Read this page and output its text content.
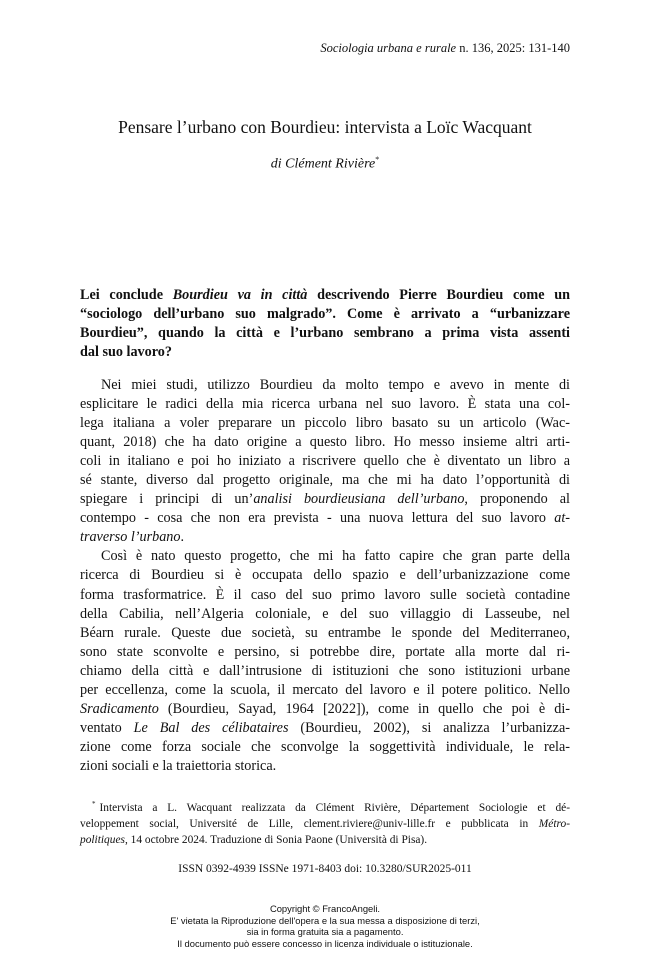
Sociologia urbana e rurale n. 136, 2025: 131-140
Pensare l’urbano con Bourdieu: intervista a Loïc Wacquant
di Clément Rivière*
Lei conclude Bourdieu va in città descrivendo Pierre Bourdieu come un
“sociologo dell’urbano suo malgrado”. Come è arrivato a “urbanizzare
Bourdieu”, quando la città e l’urbano sembrano a prima vista assenti
dal suo lavoro?
Nei miei studi, utilizzo Bourdieu da molto tempo e avevo in mente di
esplicitare le radici della mia ricerca urbana nel suo lavoro. È stata una col-
lega italiana a voler preparare un piccolo libro basato su un articolo (Wac-
quant, 2018) che ha dato origine a questo libro. Ho messo insieme altri arti-
coli in italiano e poi ho iniziato a riscrivere quello che è diventato un libro a
sé stante, diverso dal progetto originale, ma che mi ha dato l’opportunità di
spiegare i principi di un’analisi bourdieusiana dell’urbano, proponendo al
contempo - cosa che non era prevista - una nuova lettura del suo lavoro at-
traverso l’urbano.
Così è nato questo progetto, che mi ha fatto capire che gran parte della
ricerca di Bourdieu si è occupata dello spazio e dell’urbanizzazione come
forma trasformatrice. È il caso del suo primo lavoro sulle società contadine
della Cabilia, nell’Algeria coloniale, e del suo villaggio di Lasseube, nel
Béarn rurale. Queste due società, su entrambe le sponde del Mediterraneo,
sono state sconvolte e persino, si potrebbe dire, portate alla morte dal ri-
chiamo della città e dall’intrusione di istituzioni che sono istituzioni urbane
per eccellenza, come la scuola, il mercato del lavoro e il potere politico. Nello
Sradicamento (Bourdieu, Sayad, 1964 [2022]), come in quello che poi è di-
ventato Le Bal des célibataires (Bourdieu, 2002), si analizza l’urbanizza-
zione come forza sociale che sconvolge la soggettività individuale, le rela-
zioni sociali e la traiettoria storica.
* Intervista a L. Wacquant realizzata da Clément Rivière, Département Sociologie et dé-
veloppement social, Université de Lille, clement.riviere@univ-lille.fr e pubblicata in Métro-
politiques, 14 octobre 2024. Traduzione di Sonia Paone (Università di Pisa).
ISSN 0392-4939 ISSNe 1971-8403 doi: 10.3280/SUR2025-011
Copyright © FrancoAngeli.
E' vietata la Riproduzione dell'opera e la sua messa a disposizione di terzi,
sia in forma gratuita sia a pagamento.
Il documento può essere concesso in licenza individuale o istituzionale.
